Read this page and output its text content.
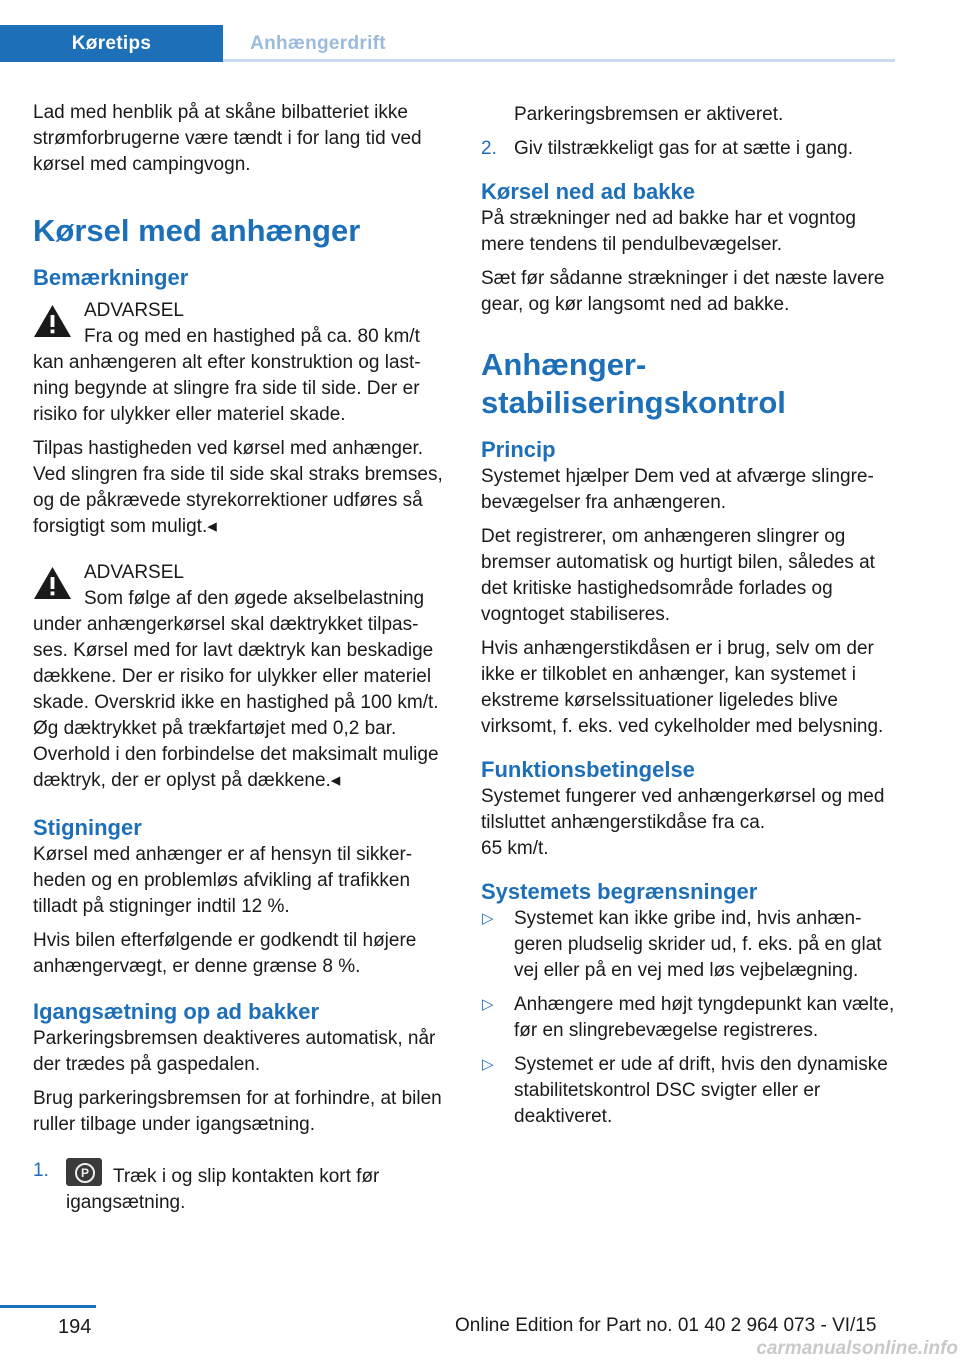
Køretips	Anhængerdrift

Lad med henblik på at skåne bilbatteriet ikke strømforbrugerne være tændt i for lang tid ved kørsel med campingvogn.

Kørsel med anhænger
Bemærkninger
ADVARSEL
Fra og med en hastighed på ca. 80 km/t
kan anhængeren alt efter konstruktion og lastning begynde at slingre fra side til side. Der er risiko for ulykker eller materiel skade.

Tilpas hastigheden ved kørsel med anhænger. Ved slingren fra side til side skal straks bremses, og de påkrævede styrekorrektioner udføres så forsigtigt som muligt.◂

ADVARSEL
Som følge af den øgede akselbelastning
under anhængerkørsel skal dæktrykket tilpasses. Kørsel med for lavt dæktryk kan beskadige dækkene. Der er risiko for ulykker eller materiel skade. Overskrid ikke en hastighed på 100 km/t. Øg dæktrykket på trækfartøjet med 0,2 bar. Overhold i den forbindelse det maksimalt mulige dæktryk, der er oplyst på dækkene.◂
Stigninger

Kørsel med anhænger er af hensyn til sikkerheden og en problemløs afvikling af trafikken tilladt på stigninger indtil 12 %.

Hvis bilen efterfølgende er godkendt til højere anhængervægt, er denne grænse 8 %.

Igangsætning op ad bakker

Parkeringsbremsen deaktiveres automatisk, når der trædes på gaspedalen.

Brug parkeringsbremsen for at forhindre, at bilen ruller tilbage under igangsætning.

1.	P	Træk i og slip kontakten kort før igangsætning.

Parkeringsbremsen er aktiveret.

2. Giv tilstrækkeligt gas for at sætte i gang.
Kørsel ned ad bakke

På strækninger ned ad bakke har et vogntog mere tendens til pendulbevægelser.

Sæt før sådanne strækninger i det næste lavere gear, og kør langsomt ned ad bakke.

Anhænger-
stabiliseringskontrol
Princip

Systemet hjælper Dem ved at afværge slingrebevægelser fra anhængeren.

Det registrerer, om anhængeren slingrer og bremser automatisk og hurtigt bilen, således at det kritiske hastighedsområde forlades og vogntoget stabiliseres.

Hvis anhængerstikdåsen er i brug, selv om der ikke er tilkoblet en anhænger, kan systemet i ekstreme kørselssituationer ligeledes blive virksomt, f. eks. ved cykelholder med belysning.

Funktionsbetingelse

Systemet fungerer ved anhængerkørsel og med tilsluttet anhængerstikdåse fra ca.
65 km/t.

Systemets begrænsninger
▷ Systemet kan ikke gribe ind, hvis anhængeren pludselig skrider ud, f. eks. på en glat vej eller på en vej med løs vejbelægning.
▷ Anhængere med højt tyngdepunkt kan vælte, før en slingrebevægelse registreres.
▷ Systemet er ude af drift, hvis den dynamiske stabilitetskontrol DSC svigter eller er deaktiveret.
194	Online Edition for Part no. 01 40 2 964 073 - VI/15
carmanualsonline.info
